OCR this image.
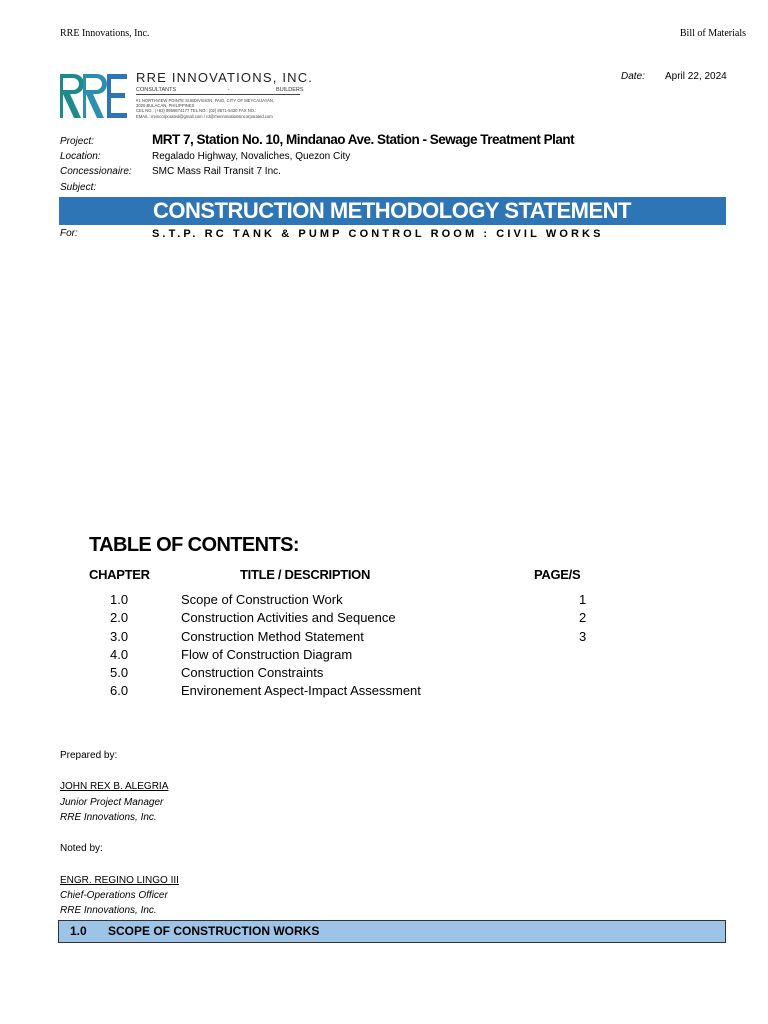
RRE Innovations, Inc.	Bill of Materials
RRE INNOVATIONS, INC.
CONSULTANTS	-	BUILDERS
#1 NORTHVIEW POINTE SUBDIVISION, PAIO, CITY OF MEYCAUAYAN,
3020 BULACAN, PHILIPPINES
CEL NO.: (+63) 9959874177 TEL NO.: (02) 8571-5430 FAX NO.:
EMAIL: rreincorporated@gmail.com / rd@rreinnovationsincorporated.com
Date: April 22, 2024
Project:	MRT 7, Station No. 10, Mindanao Ave. Station - Sewage Treatment Plant
Location:	Regalado Highway, Novaliches, Quezon City
Concessionaire: SMC Mass Rail Transit 7 Inc.
Subject:
CONSTRUCTION METHODOLOGY STATEMENT
For:	S.T.P. RC TANK & PUMP CONTROL ROOM : CIVIL WORKS
TABLE OF CONTENTS:
CHAPTER	TITLE / DESCRIPTION	PAGE/S
1.0	Scope of Construction Work	1
2.0	Construction Activities and Sequence	2
3.0	Construction Method Statement	3
4.0	Flow of Construction Diagram
5.0	Construction Constraints
6.0	Environement Aspect-Impact Assessment
Prepared by:
JOHN REX B. ALEGRIA
Junior Project Manager
RRE Innovations, Inc.
Noted by:
ENGR. REGINO LINGO III
Chief-Operations Officer
RRE Innovations, Inc.
1.0 SCOPE OF CONSTRUCTION WORKS
